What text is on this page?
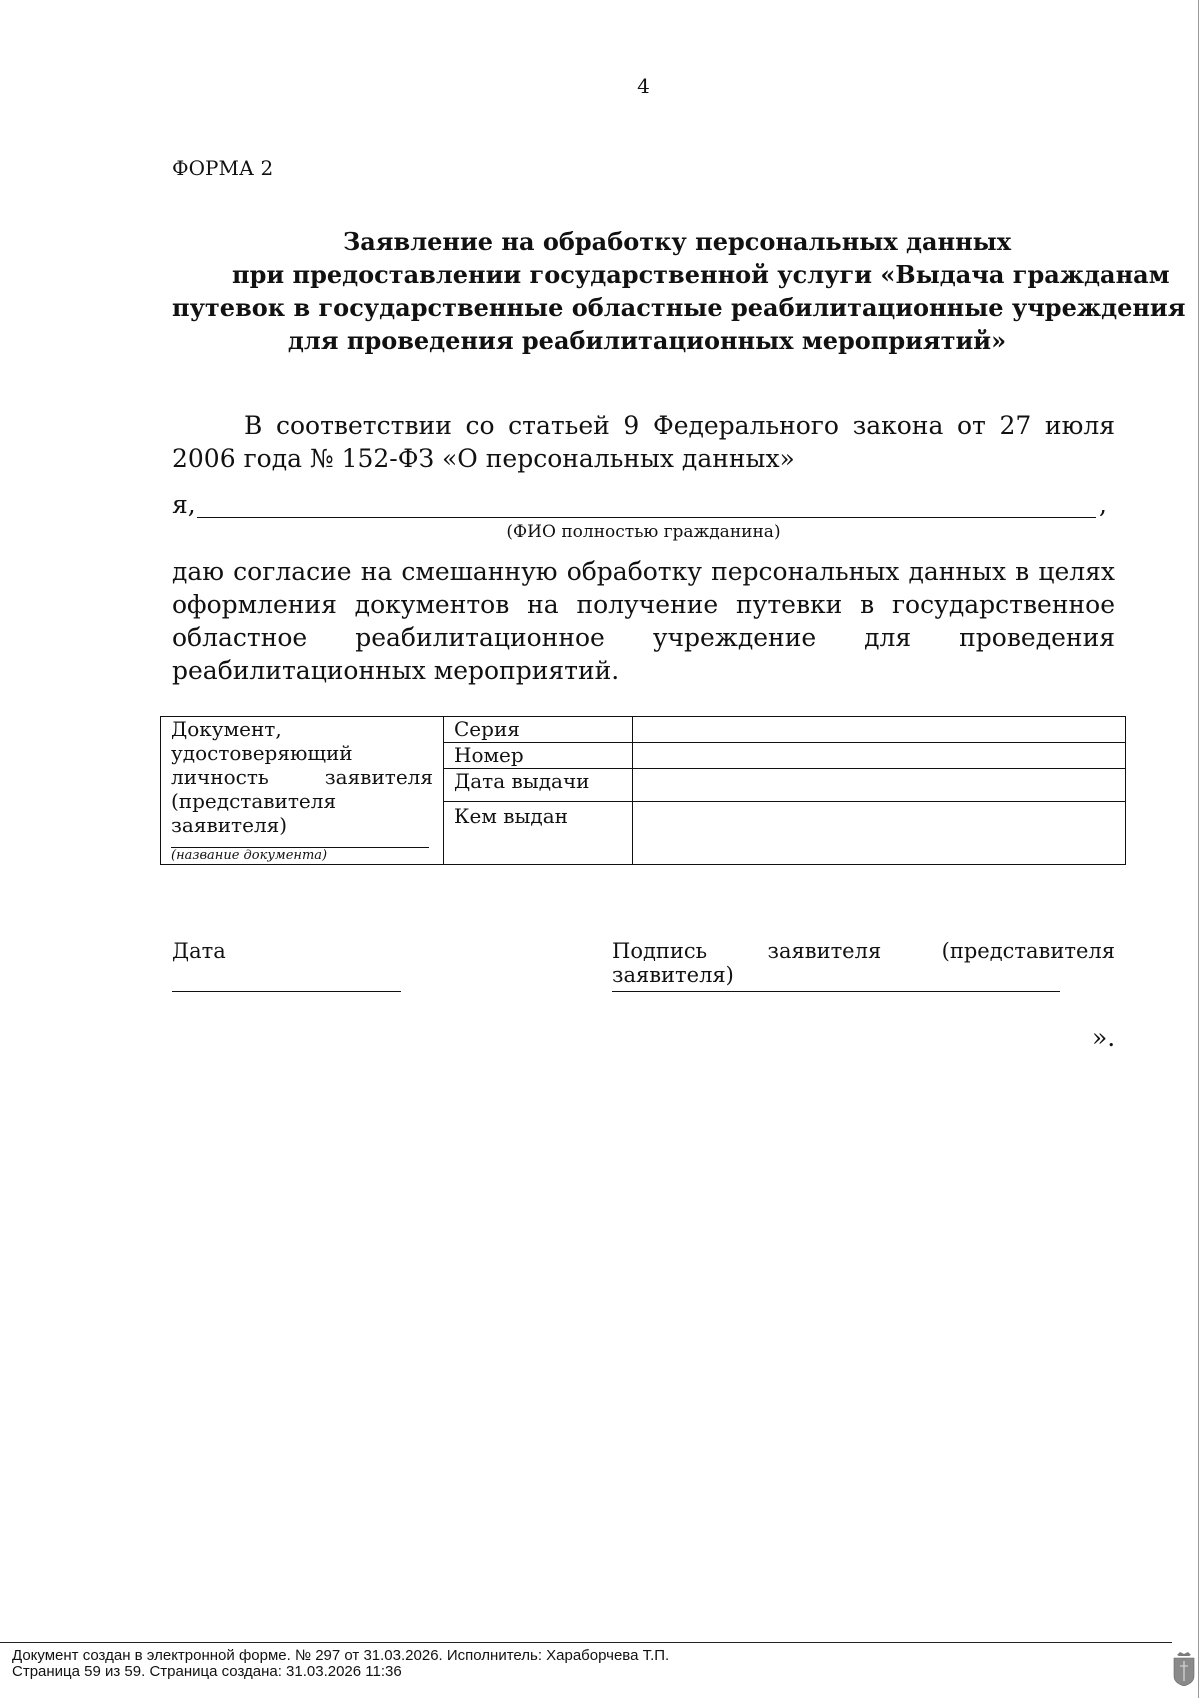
4
ФОРМА 2
Заявление на обработку персональных данных
при предоставлении государственной услуги «Выдача гражданам
путевок в государственные областные реабилитационные учреждения
для проведения реабилитационных мероприятий»
В соответствии со статьей 9 Федерального закона от 27 июля 2006 года № 152-ФЗ «О персональных данных»
я,	,
(ФИО полностью гражданина)
даю согласие на смешанную обработку персональных данных в целях оформления документов на получение путевки в государственное областное реабилитационное учреждение для проведения реабилитационных мероприятий.
Документ,
удостоверяющий
личность заявителя
(представителя заявителя)
(название документа)	Серия	
	Номер	
	Дата выдачи	
	Кем выдан	
Дата	Подпись заявителя (представителя заявителя)
».
Документ создан в электронной форме. № 297 от 31.03.2026. Исполнитель: Хараборчева Т.П.
Страница 59 из 59. Страница создана: 31.03.2026 11:36
